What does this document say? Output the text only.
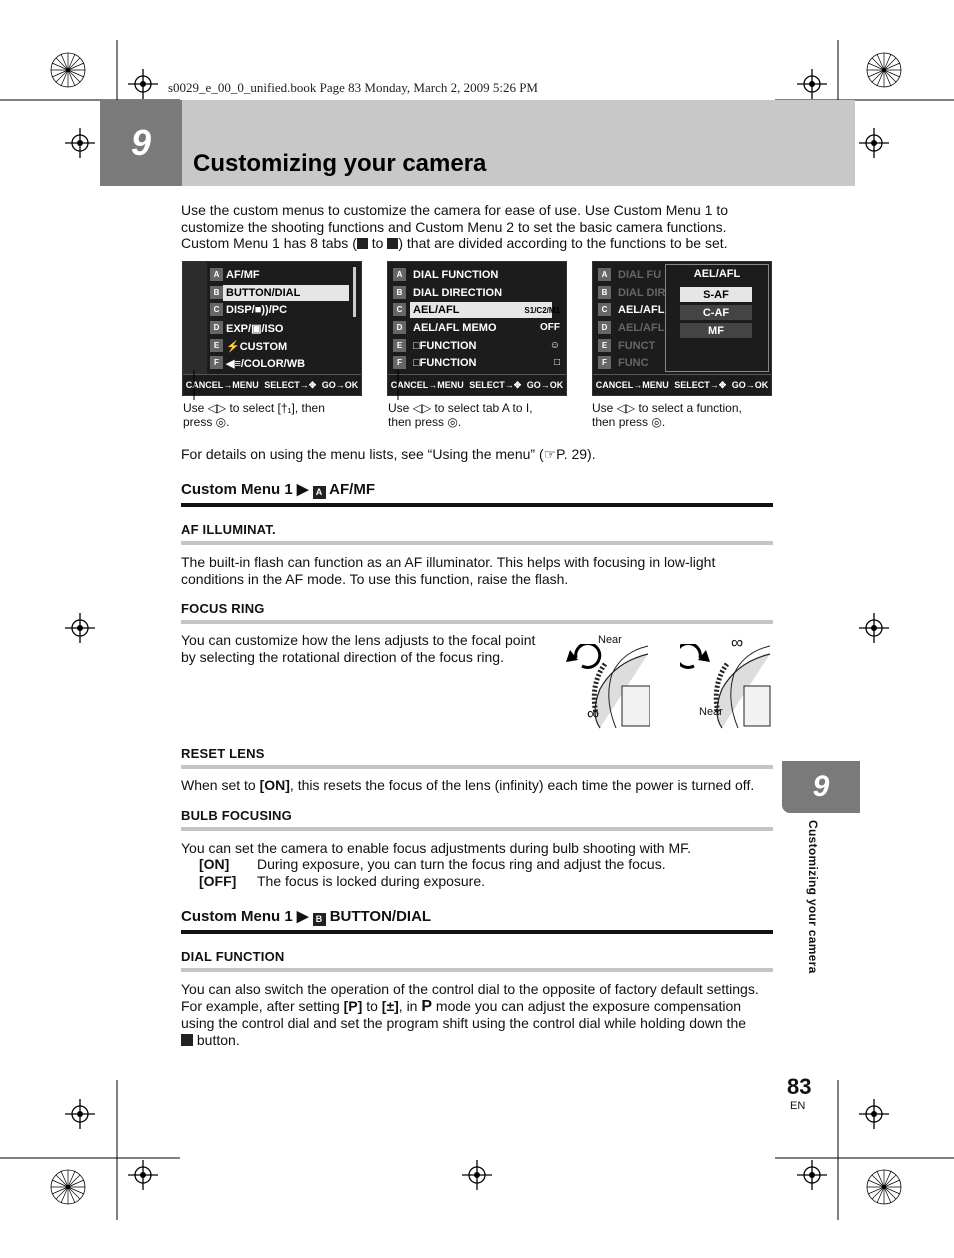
s0029_e_00_0_unified.book Page 83 Monday, March 2, 2009 5:26 PM
9
Customizing your camera
Use the custom menus to customize the camera for ease of use. Use Custom Menu 1 to
customize the shooting functions and Custom Menu 2 to set the basic camera functions.
Custom Menu 1 has 8 tabs ( to ) that are divided according to the functions to be set.
A
B
C
D
E
F
AF/MF
BUTTON/DIAL
DISP/■))/PC
EXP/▣/ISO
⚡CUSTOM
◀≡/COLOR/WB
CANCEL→MENU SELECT→✥ GO→OK
Use ◁▷ to select [†₁], then
press ◎.
A
B
C
D
E
F
DIAL FUNCTION
DIAL DIRECTION
AEL/AFL
AEL/AFL MEMO
□FUNCTION
□FUNCTION
S1/C2/M1
OFF
☺
□
CANCEL→MENU SELECT→✥ GO→OK
Use ◁▷ to select tab A to I,
then press ◎.
A
B
C
D
E
F
DIAL FU
DIAL DIR
AEL/AFL
AEL/AFL
FUNCT
FUNC
AEL/AFL
S-AF
C-AF
MF
CANCEL→MENU SELECT→✥ GO→OK
Use ◁▷ to select a function,
then press ◎.
For details on using the menu lists, see “Using the menu” (☞P. 29).
Custom Menu 1 ▶ A AF/MF
AF ILLUMINAT.
The built-in flash can function as an AF illuminator. This helps with focusing in low-light
conditions in the AF mode. To use this function, raise the flash.
FOCUS RING
You can customize how the lens adjusts to the focal point
by selecting the rotational direction of the focus ring.
Near
∞
∞
Near
RESET LENS
When set to [ON], this resets the focus of the lens (infinity) each time the power is turned off.
BULB FOCUSING
You can set the camera to enable focus adjustments during bulb shooting with MF.
[ON] During exposure, you can turn the focus ring and adjust the focus.
[OFF] The focus is locked during exposure.
Custom Menu 1 ▶ B BUTTON/DIAL
DIAL FUNCTION
You can also switch the operation of the control dial to the opposite of factory default settings.
For example, after setting [P] to [±], in P mode you can adjust the exposure compensation
using the control dial and set the program shift using the control dial while holding down the
button.
9
Customizing your camera
83
EN
